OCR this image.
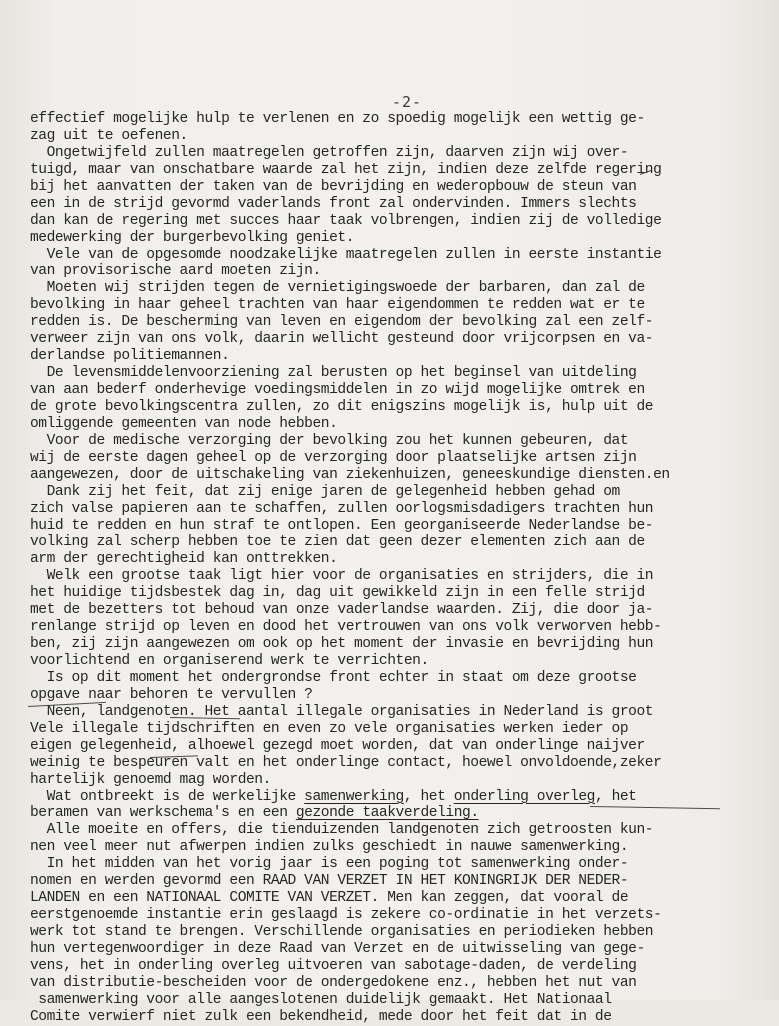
-2-
effectief mogelijke hulp te verlenen en zo spoedig mogelijk een wettig ge-
zag uit te oefenen.
Ongetwijfeld zullen maatregelen getroffen zijn, daarven zijn wij over-
tuigd, maar van onschatbare waarde zal het zijn, indien deze zelfde regering
bij het aanvatten der taken van de bevrijding en wederopbouw de steun van
een in de strijd gevormd vaderlands front zal ondervinden. Immers slechts
dan kan de regering met succes haar taak volbrengen, indien zij de volledige
medewerking der burgerbevolking geniet.
Vele van de opgesomde noodzakelijke maatregelen zullen in eerste instantie
van provisorische aard moeten zijn.
Moeten wij strijden tegen de vernietigingswoede der barbaren, dan zal de
bevolking in haar geheel trachten van haar eigendommen te redden wat er te
redden is. De bescherming van leven en eigendom der bevolking zal een zelf-
verweer zijn van ons volk, daarin wellicht gesteund door vrijcorpsen en va-
derlandse politiemannen.
De levensmiddelenvoorziening zal berusten op het beginsel van uitdeling
van aan bederf onderhevige voedingsmiddelen in zo wijd mogelijke omtrek en
de grote bevolkingscentra zullen, zo dit enigszins mogelijk is, hulp uit de
omliggende gemeenten van node hebben.
Voor de medische verzorging der bevolking zou het kunnen gebeuren, dat
wij de eerste dagen geheel op de verzorging door plaatselijke artsen zijn
aangewezen, door de uitschakeling van ziekenhuizen, geneeskundige diensten.en
Dank zij het feit, dat zij enige jaren de gelegenheid hebben gehad om
zich valse papieren aan te schaffen, zullen oorlogsmisdadigers trachten hun
huid te redden en hun straf te ontlopen. Een georganiseerde Nederlandse be-
volking zal scherp hebben toe te zien dat geen dezer elementen zich aan de
arm der gerechtigheid kan onttrekken.
Welk een grootse taak ligt hier voor de organisaties en strijders, die in
het huidige tijdsbestek dag in, dag uit gewikkeld zijn in een felle strijd
met de bezetters tot behoud van onze vaderlandse waarden. Zij, die door ja-
renlange strijd op leven en dood het vertrouwen van ons volk verworven hebb-
ben, zij zijn aangewezen om ook op het moment der invasie en bevrijding hun
voorlichtend en organiserend werk te verrichten.
Is op dit moment het ondergrondse front echter in staat om deze grootse
opgave naar behoren te vervullen ?
Neen, landgenoten. Het aantal illegale organisaties in Nederland is groot
Vele illegale tijdschriften en even zo vele organisaties werken ieder op
eigen gelegenheid, alhoewel gezegd moet worden, dat van onderlinge naijver
weinig te bespeuren valt en het onderlinge contact, hoewel onvoldoende,zeker
hartelijk genoemd mag worden.
Wat ontbreekt is de werkelijke samenwerking, het onderling overleg, het
beramen van werkschema's en een gezonde taakverdeling.
Alle moeite en offers, die tienduizenden landgenoten zich getroosten kun-
nen veel meer nut afwerpen indien zulks geschiedt in nauwe samenwerking.
In het midden van het vorig jaar is een poging tot samenwerking onder-
nomen en werden gevormd een RAAD VAN VERZET IN HET KONINGRIJK DER NEDER-
LANDEN en een NATIONAAL COMITE VAN VERZET. Men kan zeggen, dat vooral de
eerstgenoemde instantie erin geslaagd is zekere co-ordinatie in het verzets-
werk tot stand te brengen. Verschillende organisaties en periodieken hebben
hun vertegenwoordiger in deze Raad van Verzet en de uitwisseling van gege-
vens, het in onderling overleg uitvoeren van sabotage-daden, de verdeling
van distributie-bescheiden voor de ondergedokene enz., hebben het nut van
samenwerking voor alle aangeslotenen duidelijk gemaakt. Het Nationaal
Comite verwierf niet zulk een bekendheid, mede door het feit dat in de
